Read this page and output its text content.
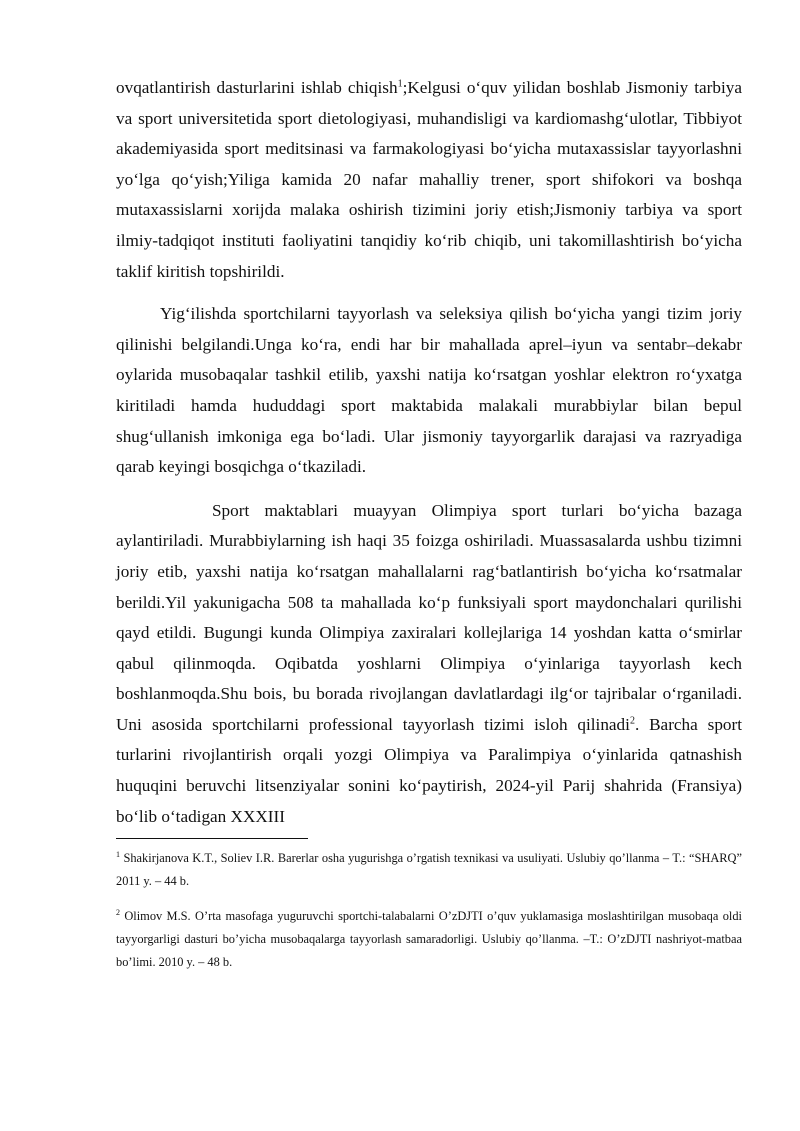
ovqatlantirish dasturlarini ishlab chiqish$^1$;Kelgusi o‘quv yilidan boshlab Jismoniy tarbiya va sport universitetida sport dietologiyasi, muhandisligi va kardiomashg‘ulotlar, Tibbiyot akademiyasida sport meditsinasi va farmakologiyasi bo‘yicha mutaxassislar tayyorlashni yo‘lga qo‘yish;Yiliga kamida 20 nafar mahalliy trener, sport shifokori va boshqa mutaxassislarni xorijda malaka oshirish tizimini joriy etish;Jismoniy tarbiya va sport ilmiy-tadqiqot instituti faoliyatini tanqidiy ko‘rib chiqib, uni takomillashtirish bo‘yicha taklif kiritish topshirildi.

Yig‘ilishda sportchilarni tayyorlash va seleksiya qilish bo‘yicha yangi tizim joriy qilinishi belgilandi.Unga ko‘ra, endi har bir mahallada aprel–iyun va sentabr–dekabr oylarida musobaqalar tashkil etilib, yaxshi natija ko‘rsatgan yoshlar elektron ro‘yxatga kiritiladi hamda hududdagi sport maktabida malakali murabbiylar bilan bepul shug‘ullanish imkoniga ega bo‘ladi. Ular jismoniy tayyorgarlik darajasi va razryadiga qarab keyingi bosqichga o‘tkaziladi.

Sport maktablari muayyan Olimpiya sport turlari bo‘yicha bazaga aylantiriladi. Murabbiylarning ish haqi 35 foizga oshiriladi. Muassasalarda ushbu tizimni joriy etib, yaxshi natija ko‘rsatgan mahallalarni rag‘batlantirish bo‘yicha ko‘rsatmalar berildi.Yil yakunigacha 508 ta mahallada ko‘p funksiyali sport maydonchalari qurilishi qayd etildi. Bugungi kunda Olimpiya zaxiralari kollejlariga 14 yoshdan katta o‘smirlar qabul qilinmoqda. Oqibatda yoshlarni Olimpiya o‘yinlariga tayyorlash kech boshlanmoqda.Shu bois, bu borada rivojlangan davlatlardagi ilg‘or tajribalar o‘rganiladi. Uni asosida sportchilarni professional tayyorlash tizimi isloh qilinadi$^2$. Barcha sport turlarini rivojlantirish orqali yozgi Olimpiya va Paralimpiya o‘yinlarida qatnashish huquqini beruvchi litsenziyalar sonini ko‘paytirish, 2024-yil Parij shahrida (Fransiya) bo‘lib o‘tadigan XXXIII

$^1$ Shakirjanova K.T., Soliev I.R. Barerlar osha yugurishga o’rgatish texnikasi va usuliyati. Uslubiy qo’llanma – T.: “SHARQ” 2011 y. – 44 b.

$^2$ Olimov M.S. O’rta masofaga yuguruvchi sportchi-talabalarni O’zDJTI o’quv yuklamasiga moslashtirilgan musobaqa oldi tayyorgarligi dasturi bo’yicha musobaqalarga tayyorlash samaradorligi. Uslubiy qo’llanma. –T.: O’zDJTI nashriyot-matbaa bo’limi. 2010 y. – 48 b.
